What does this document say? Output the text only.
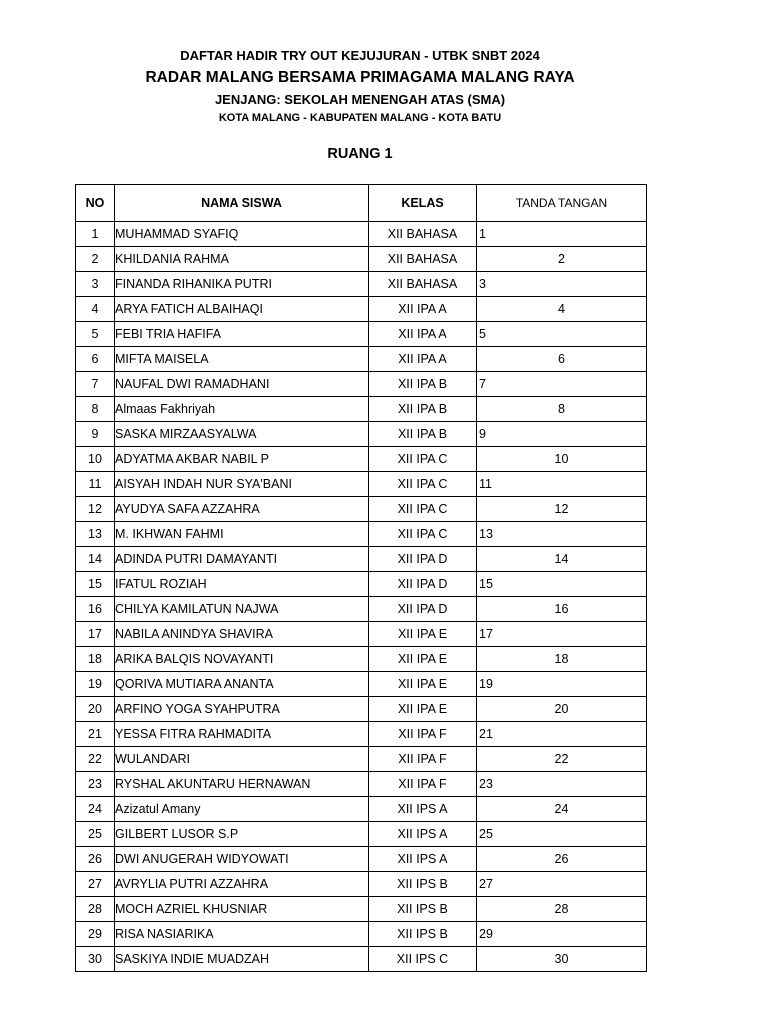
DAFTAR HADIR TRY OUT KEJUJURAN - UTBK SNBT 2024
RADAR MALANG BERSAMA PRIMAGAMA MALANG RAYA
JENJANG: SEKOLAH MENENGAH ATAS (SMA)
KOTA MALANG - KABUPATEN MALANG - KOTA BATU
RUANG 1
NO	NAMA SISWA	KELAS	TANDA TANGAN
1	MUHAMMAD SYAFIQ	XII BAHASA	1
2	KHILDANIA RAHMA	XII BAHASA	2
3	FINANDA RIHANIKA PUTRI	XII BAHASA	3
4	ARYA FATICH ALBAIHAQI	XII IPA A	4
5	FEBI TRIA HAFIFA	XII IPA A	5
6	MIFTA MAISELA	XII IPA A	6
7	NAUFAL DWI RAMADHANI	XII IPA B	7
8	Almaas Fakhriyah	XII IPA B	8
9	SASKA MIRZAASYALWA	XII IPA B	9
10	ADYATMA AKBAR NABIL P	XII IPA C	10
11	AISYAH INDAH NUR SYA'BANI	XII IPA C	11
12	AYUDYA SAFA AZZAHRA	XII IPA C	12
13	M. IKHWAN FAHMI	XII IPA C	13
14	ADINDA PUTRI DAMAYANTI	XII IPA D	14
15	IFATUL ROZIAH	XII IPA D	15
16	CHILYA KAMILATUN NAJWA	XII IPA D	16
17	NABILA ANINDYA SHAVIRA	XII IPA E	17
18	ARIKA BALQIS NOVAYANTI	XII IPA E	18
19	QORIVA MUTIARA ANANTA	XII IPA E	19
20	ARFINO YOGA SYAHPUTRA	XII IPA E	20
21	YESSA FITRA RAHMADITA	XII IPA F	21
22	WULANDARI	XII IPA F	22
23	RYSHAL AKUNTARU HERNAWAN	XII IPA F	23
24	Azizatul Amany	XII IPS A	24
25	GILBERT LUSOR S.P	XII IPS A	25
26	DWI ANUGERAH WIDYOWATI	XII IPS A	26
27	AVRYLIA PUTRI AZZAHRA	XII IPS B	27
28	MOCH AZRIEL KHUSNIAR	XII IPS B	28
29	RISA NASIARIKA	XII IPS B	29
30	SASKIYA INDIE MUADZAH	XII IPS C	30
